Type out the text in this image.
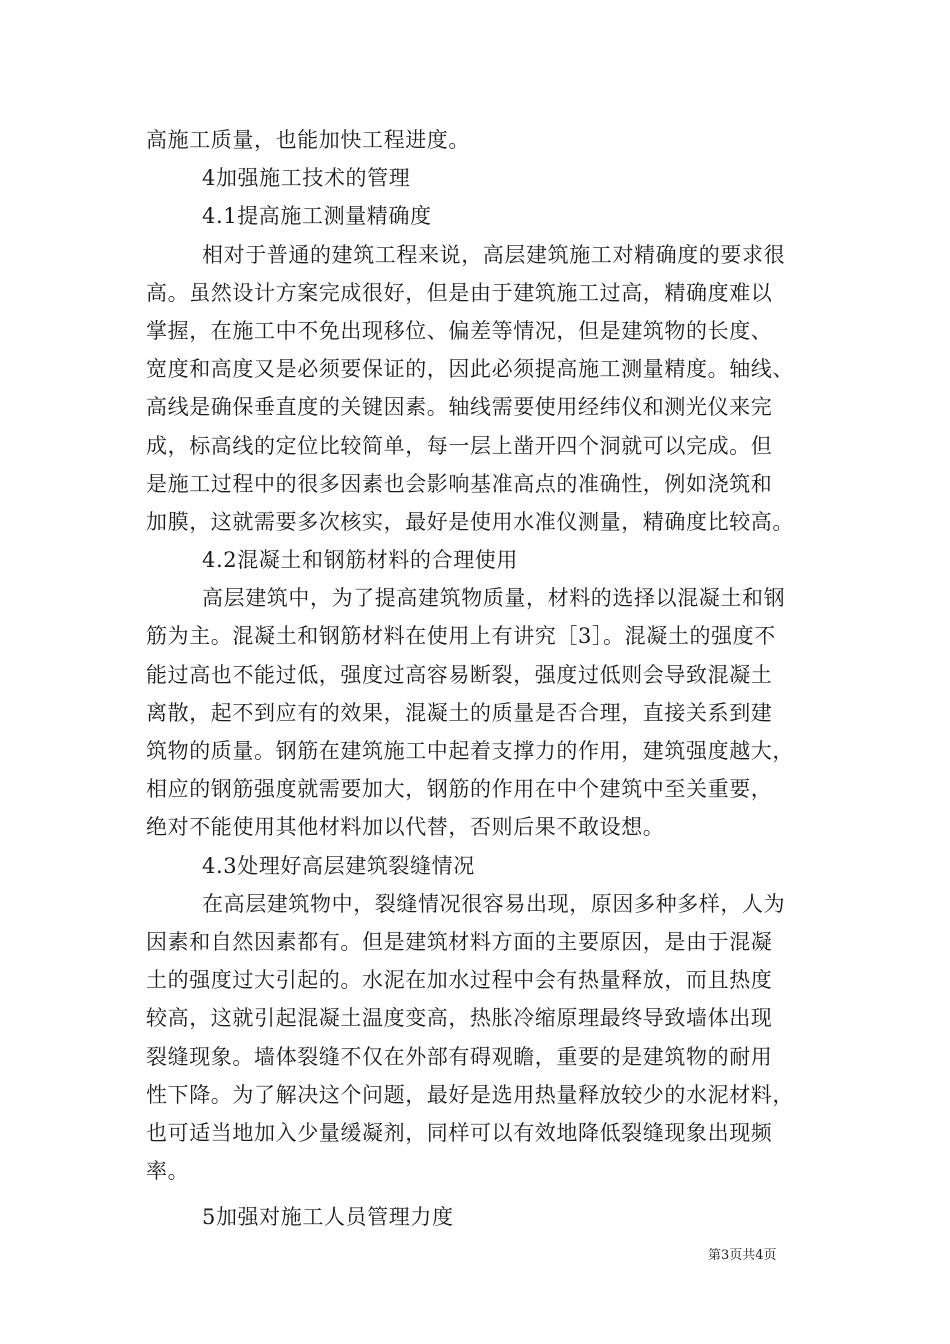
高施工质量，也能加快工程进度。
4加强施工技术的管理
4.1提高施工测量精确度
相对于普通的建筑工程来说，高层建筑施工对精确度的要求很
高。虽然设计方案完成很好，但是由于建筑施工过高，精确度难以
掌握，在施工中不免出现移位、偏差等情况，但是建筑物的长度、
宽度和高度又是必须要保证的，因此必须提高施工测量精度。轴线、
高线是确保垂直度的关键因素。轴线需要使用经纬仪和测光仪来完
成，标高线的定位比较简单，每一层上凿开四个洞就可以完成。但
是施工过程中的很多因素也会影响基准高点的准确性，例如浇筑和
加膜，这就需要多次核实，最好是使用水准仪测量，精确度比较高。
4.2混凝土和钢筋材料的合理使用
高层建筑中，为了提高建筑物质量，材料的选择以混凝土和钢
筋为主。混凝土和钢筋材料在使用上有讲究［3］。混凝土的强度不
能过高也不能过低，强度过高容易断裂，强度过低则会导致混凝土
离散，起不到应有的效果，混凝土的质量是否合理，直接关系到建
筑物的质量。钢筋在建筑施工中起着支撑力的作用，建筑强度越大，
相应的钢筋强度就需要加大，钢筋的作用在中个建筑中至关重要，
绝对不能使用其他材料加以代替，否则后果不敢设想。
4.3处理好高层建筑裂缝情况
在高层建筑物中，裂缝情况很容易出现，原因多种多样，人为
因素和自然因素都有。但是建筑材料方面的主要原因，是由于混凝
土的强度过大引起的。水泥在加水过程中会有热量释放，而且热度
较高，这就引起混凝土温度变高，热胀冷缩原理最终导致墙体出现
裂缝现象。墙体裂缝不仅在外部有碍观瞻，重要的是建筑物的耐用
性下降。为了解决这个问题，最好是选用热量释放较少的水泥材料，
也可适当地加入少量缓凝剂，同样可以有效地降低裂缝现象出现频
率。
5加强对施工人员管理力度
第3页共4页
